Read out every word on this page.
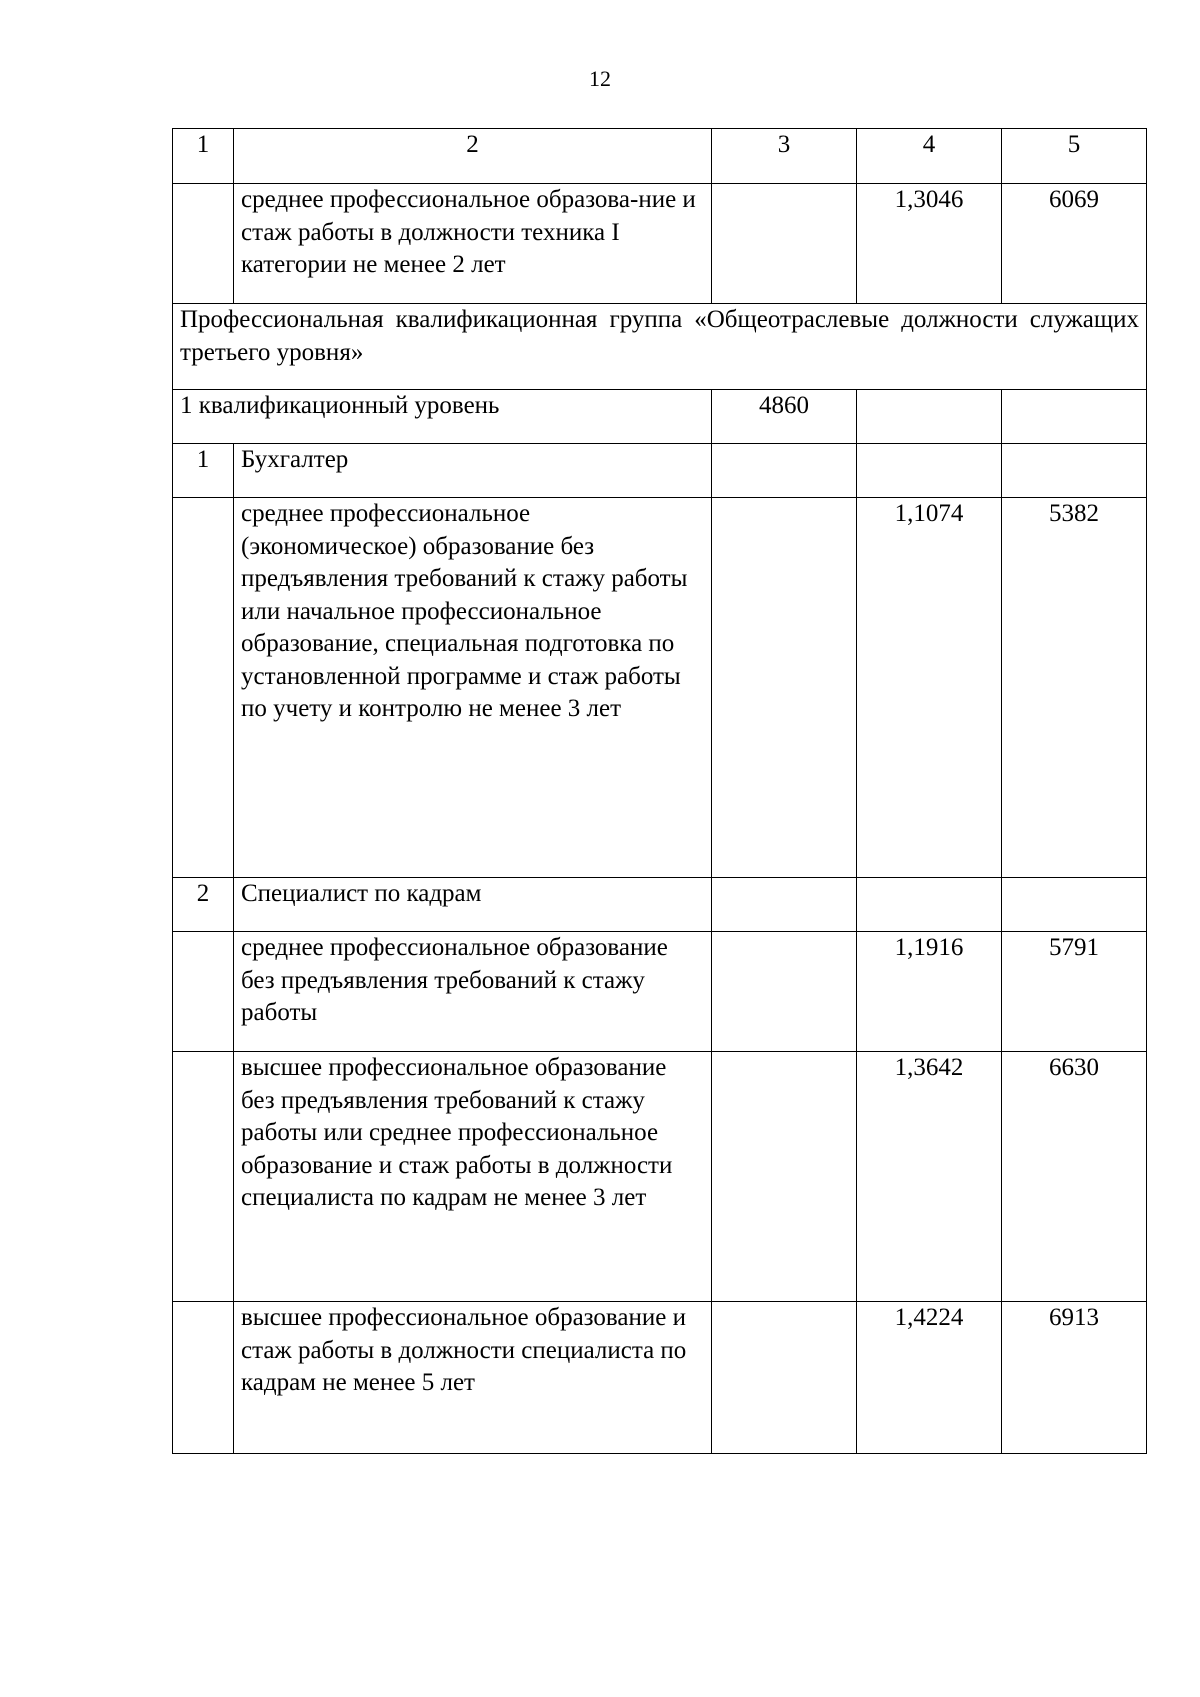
12
1	2	3	4	5
	среднее профессиональное образова-ние и стаж работы в должности техника I категории не менее 2 лет		1,3046	6069
Профессиональная квалификационная группа «Общеотраслевые должности служащих третьего уровня»				
1 квалификационный уровень		4860		
1	Бухгалтер			
	среднее профессиональное (экономическое) образование без предъявления требований к стажу работы или начальное профессиональное образование, специальная подготовка по установленной программе и стаж работы по учету и контролю не менее 3 лет		1,1074	5382
2	Специалист по кадрам			
	среднее профессиональное образование без предъявления требований к стажу работы		1,1916	5791
	высшее профессиональное образование без предъявления требований к стажу работы или среднее профессиональное образование и стаж работы в должности специалиста по кадрам не менее 3 лет		1,3642	6630
	высшее профессиональное образование и стаж работы в должности специалиста по кадрам не менее 5 лет		1,4224	6913
